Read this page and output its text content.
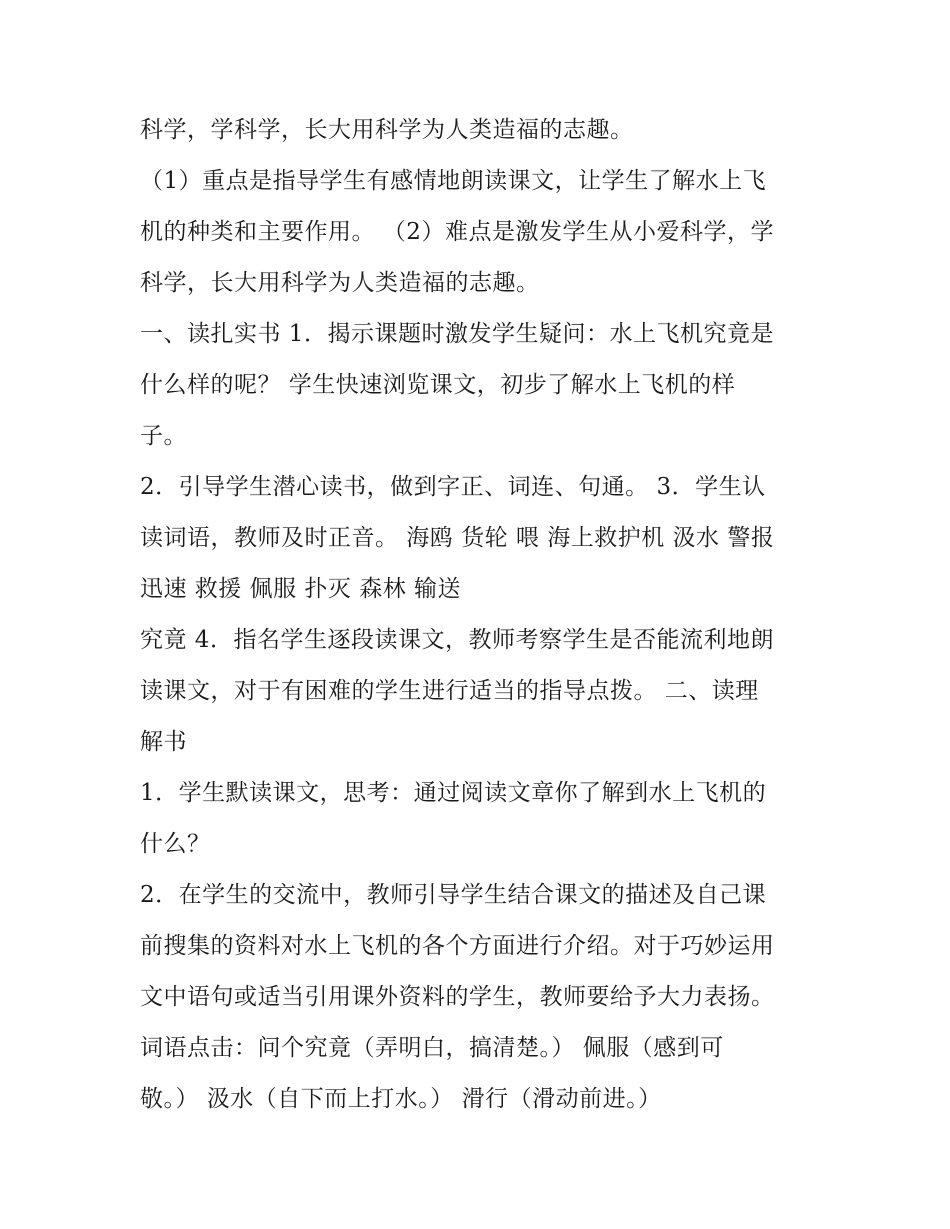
科学，学科学，长大用科学为人类造福的志趣。
（1）重点是指导学生有感情地朗读课文，让学生了解水上飞
机的种类和主要作用。 （2）难点是激发学生从小爱科学，学
科学，长大用科学为人类造福的志趣。
一、读扎实书 1．揭示课题时激发学生疑问：水上飞机究竟是
什么样的呢？ 学生快速浏览课文，初步了解水上飞机的样
子。
2．引导学生潜心读书，做到字正、词连、句通。 3．学生认
读词语，教师及时正音。 海鸥 货轮 喂 海上救护机 汲水 警报
迅速 救援 佩服 扑灭 森林 输送
究竟 4．指名学生逐段读课文，教师考察学生是否能流利地朗
读课文，对于有困难的学生进行适当的指导点拨。 二、读理
解书
1．学生默读课文，思考：通过阅读文章你了解到水上飞机的
什么？
2．在学生的交流中，教师引导学生结合课文的描述及自己课
前搜集的资料对水上飞机的各个方面进行介绍。对于巧妙运用
文中语句或适当引用课外资料的学生，教师要给予大力表扬。
词语点击：问个究竟（弄明白，搞清楚。） 佩服（感到可
敬。） 汲水（自下而上打水。） 滑行（滑动前进。）
